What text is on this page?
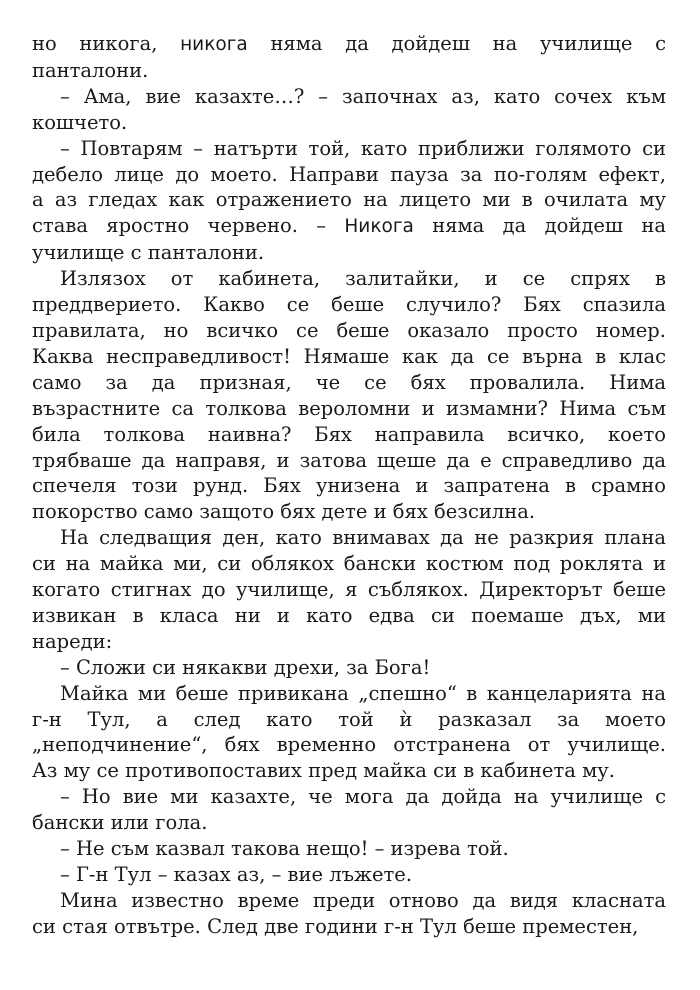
но никога, никога няма да дойдеш на училище с
панталони.
– Ама, вие казахте…? – започнах аз, като сочех към
кошчето.
– Повтарям – натърти той, като приближи голямото си
дебело лице до моето. Направи пауза за по-голям ефект,
а аз гледах как отражението на лицето ми в очилата му
става яростно червено. – Никога няма да дойдеш на
училище с панталони.
Излязох от кабинета, залитайки, и се спрях в
преддверието. Какво се беше случило? Бях спазила
правилата, но всичко се беше оказало просто номер.
Каква несправедливост! Нямаше как да се върна в клас
само за да призная, че се бях провалила. Нима
възрастните са толкова вероломни и измамни? Нима съм
била толкова наивна? Бях направила всичко, което
трябваше да направя, и затова щеше да е справедливо да
спечеля този рунд. Бях унизена и запратена в срамно
покорство само защото бях дете и бях безсилна.
На следващия ден, като внимавах да не разкрия плана
си на майка ми, си облякох бански костюм под роклята и
когато стигнах до училище, я съблякох. Директорът беше
извикан в класа ни и като едва си поемаше дъх, ми
нареди:
– Сложи си някакви дрехи, за Бога!
Майка ми беше привикана „спешно“ в канцеларията на
г-н Тул, а след като той ѝ разказал за моето
„неподчинение“, бях временно отстранена от училище.
Аз му се противопоставих пред майка си в кабинета му.
– Но вие ми казахте, че мога да дойда на училище с
бански или гола.
– Не съм казвал такова нещо! – изрева той.
– Г-н Тул – казах аз, – вие лъжете.
Мина известно време преди отново да видя класната
си стая отвътре. След две години г-н Тул беше преместен,
